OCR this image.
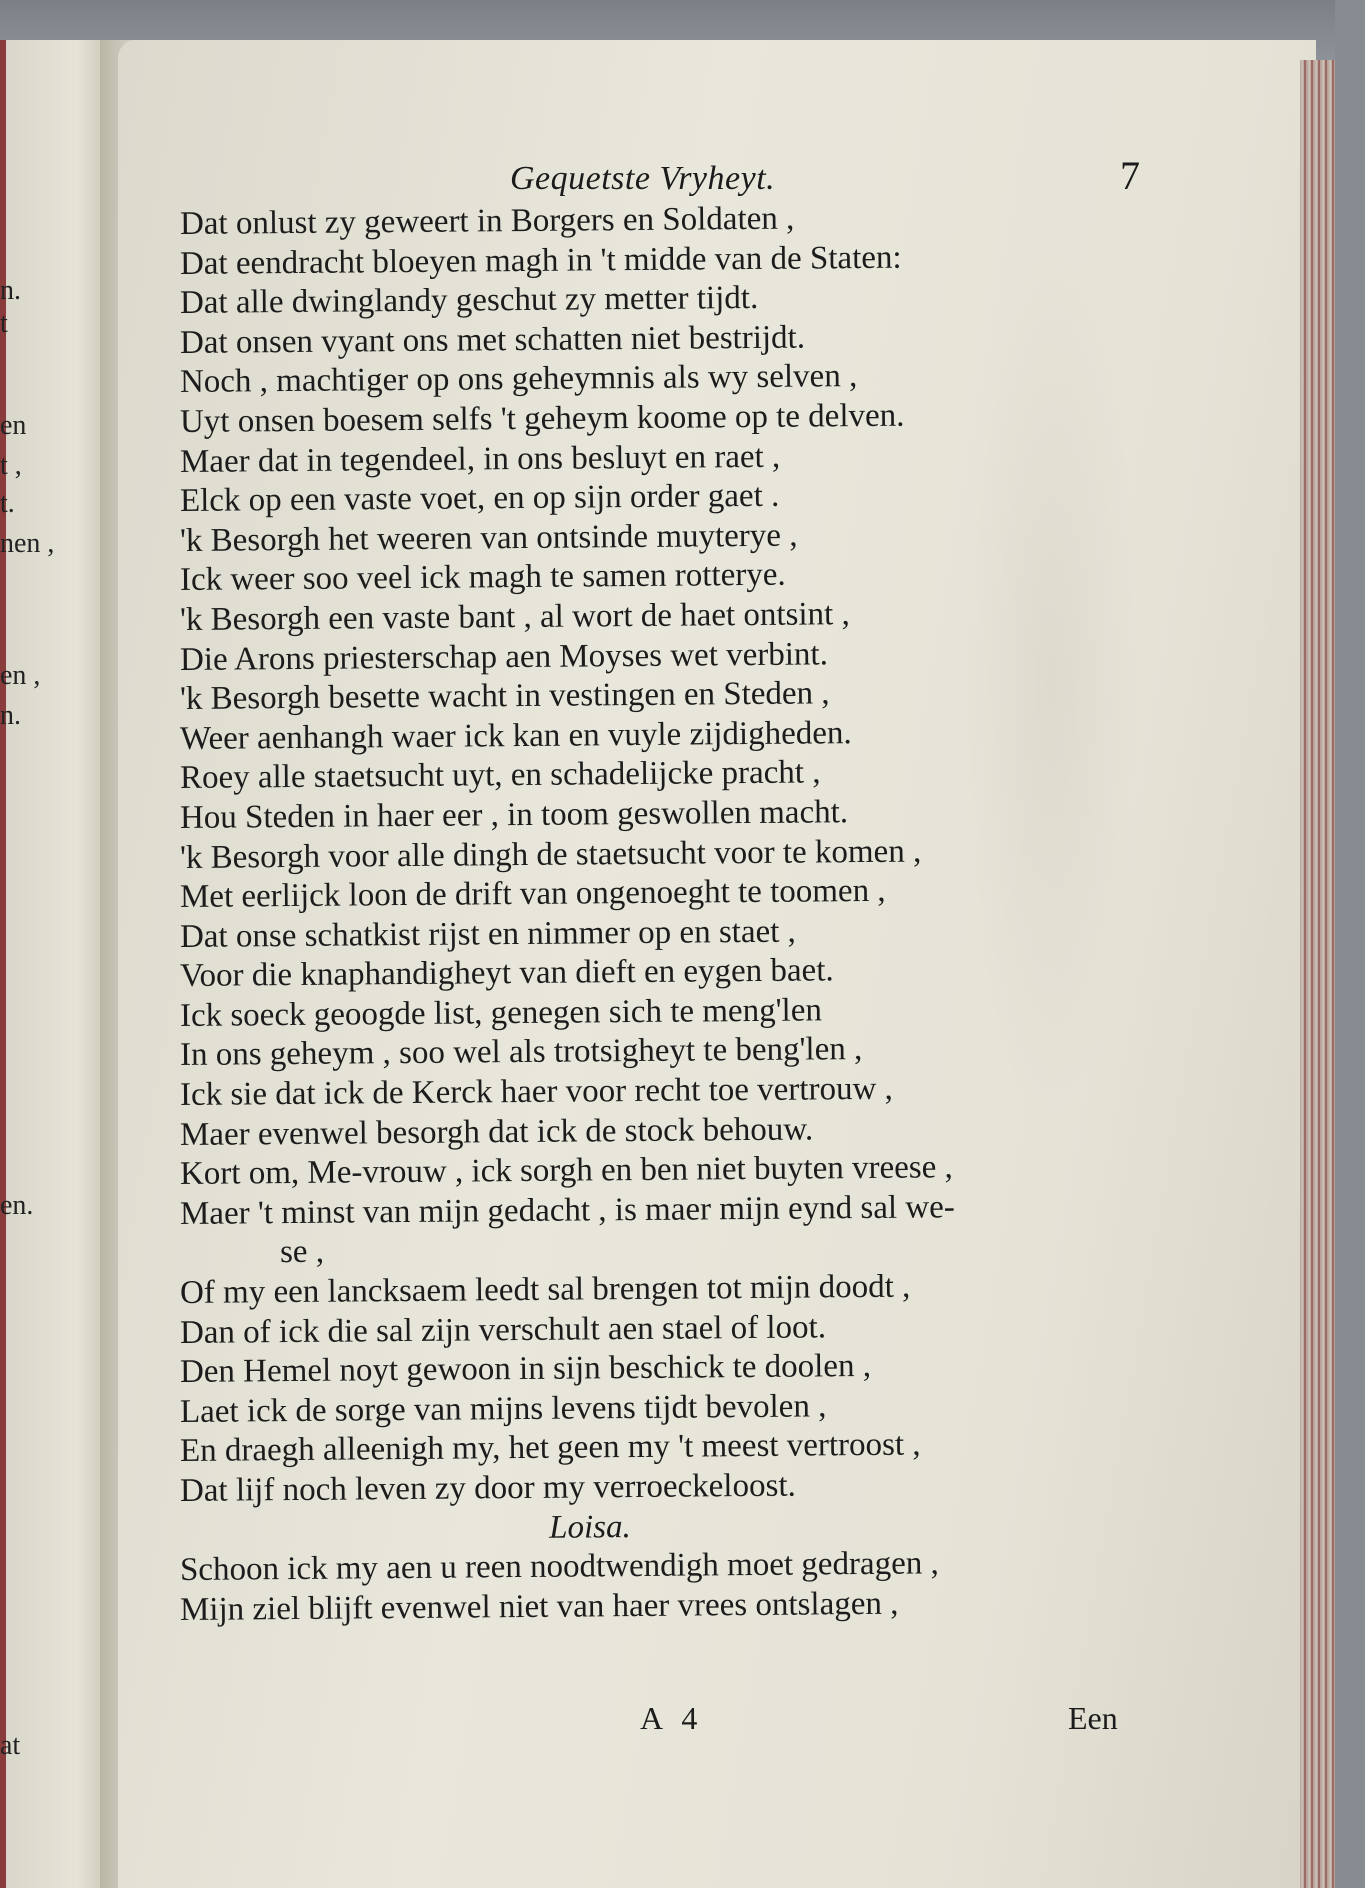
n.
t
en
t ,
t.
nen ,
en ,
n.
en.
at
Gequetste Vryheyt.	7
Dat onlust zy geweert in Borgers en Soldaten ,
Dat eendracht bloeyen magh in 't midde van de Staten:
Dat alle dwinglandy geschut zy metter tijdt.
Dat onsen vyant ons met schatten niet bestrijdt.
Noch , machtiger op ons geheymnis als wy selven ,
Uyt onsen boesem selfs 't geheym koome op te delven.
Maer dat in tegendeel, in ons besluyt en raet ,
Elck op een vaste voet, en op sijn order gaet .
'k Besorgh het weeren van ontsinde muyterye ,
Ick weer soo veel ick magh te samen rotterye.
'k Besorgh een vaste bant , al wort de haet ontsint ,
Die Arons priesterschap aen Moyses wet verbint.
'k Besorgh besette wacht in vestingen en Steden ,
Weer aenhangh waer ick kan en vuyle zijdigheden.
Roey alle staetsucht uyt, en schadelijcke pracht ,
Hou Steden in haer eer , in toom geswollen macht.
'k Besorgh voor alle dingh de staetsucht voor te komen ,
Met eerlijck loon de drift van ongenoeght te toomen ,
Dat onse schatkist rijst en nimmer op en staet ,
Voor die knaphandigheyt van dieft en eygen baet.
Ick soeck geoogde list, genegen sich te meng'len
In ons geheym , soo wel als trotsigheyt te beng'len ,
Ick sie dat ick de Kerck haer voor recht toe vertrouw ,
Maer evenwel besorgh dat ick de stock behouw.
Kort om, Me-vrouw , ick sorgh en ben niet buyten vreese ,
Maer 't minst van mijn gedacht , is maer mijn eynd sal we-
se ,
Of my een lancksaem leedt sal brengen tot mijn doodt ,
Dan of ick die sal zijn verschult aen stael of loot.
Den Hemel noyt gewoon in sijn beschick te doolen ,
Laet ick de sorge van mijns levens tijdt bevolen ,
En draegh alleenigh my, het geen my 't meest vertroost ,
Dat lijf noch leven zy door my verroeckeloost.
Loisa.
Schoon ick my aen u reen noodtwendigh moet gedragen ,
Mijn ziel blijft evenwel niet van haer vrees ontslagen ,
A 4	Een
